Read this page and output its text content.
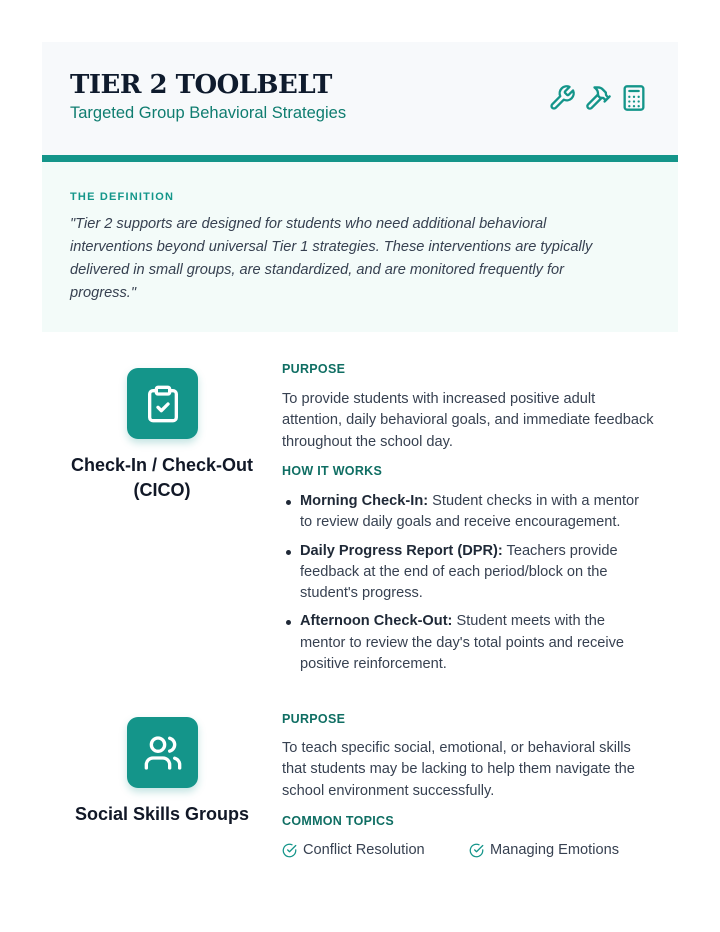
TIER 2 TOOLBELT

Targeted Group Behavioral Strategies

THE DEFINITION

"Tier 2 supports are designed for students who need additional behavioral interventions beyond universal Tier 1 strategies. These interventions are typically delivered in small groups, are standardized, and are monitored frequently for progress."

Check-In / Check-Out (CICO)

PURPOSE

To provide students with increased positive adult attention, daily behavioral goals, and immediate feedback throughout the school day.

HOW IT WORKS

Morning Check-In: Student checks in with a mentor to review daily goals and receive encouragement.
Daily Progress Report (DPR): Teachers provide feedback at the end of each period/block on the student's progress.
Afternoon Check-Out: Student meets with the mentor to review the day's total points and receive positive reinforcement.
Social Skills Groups

PURPOSE

To teach specific social, emotional, or behavioral skills that students may be lacking to help them navigate the school environment successfully.

COMMON TOPICS

Conflict Resolution	Managing Emotions
